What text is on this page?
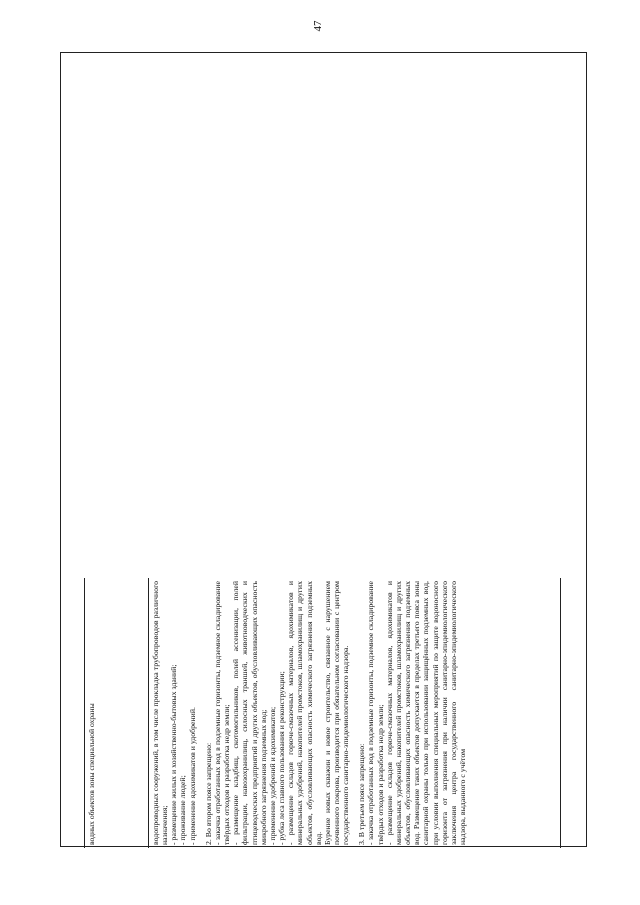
47
водных объектов зоны специальной охраны	водопроводных сооружений, в том числе прокладка трубопроводов различного назначения; - размещение жилых и хозяйственно-бытовых зданий; - проживание людей; - применение ядохимикатов и удобрений. 2. Во втором поясе запрещено: - закачка отработанных вод в подземные горизонты, подземное складирование твёрдых отходов и разработка недр земли; - размещение кладбищ, скотомогильников, полей ассенизации, полей фильтрации, навозохранилищ, силосных траншей, животноводческих и птицеводческих предприятий и других объектов, обусловливающих опасность микробного загрязнения подземных вод; - применение удобрений и ядохимикатов; - рубка леса главного пользования и реконструкции; - размещение складов горюче-смазочных материалов, ядохимикатов и минеральных удобрений, накопителей промстоков, шламохранилищ и других объектов, обусловливающих опасность химического загрязнения подземных вод. Бурение новых скважин и новое строительство, связанное с нарушением почвенного покрова, производится при обязательном согласовании с центром государственного санитарно-эпидемиологического надзора. 3. В третьем поясе запрещено: - закачка отработанных вод в подземные горизонты, подземное складирование твёрдых отходов и разработка недр земли; - размещение складов горюче-смазочных материалов, ядохимикатов и минеральных удобрений, накопителей промстоков, шламохранилищ и других объектов, обусловливающих опасность химического загрязнения подземных вод. Размещение таких объектов допускается в пределах третьего пояса зоны санитарной охраны только при использовании защищённых подземных вод, при условии выполнения специальных мероприятий по защите водоносного горизонта от загрязнения при наличии санитарно-эпидемиологического заключения центра государственного санитарно-эпидемиологического надзора, выданного с учётом
